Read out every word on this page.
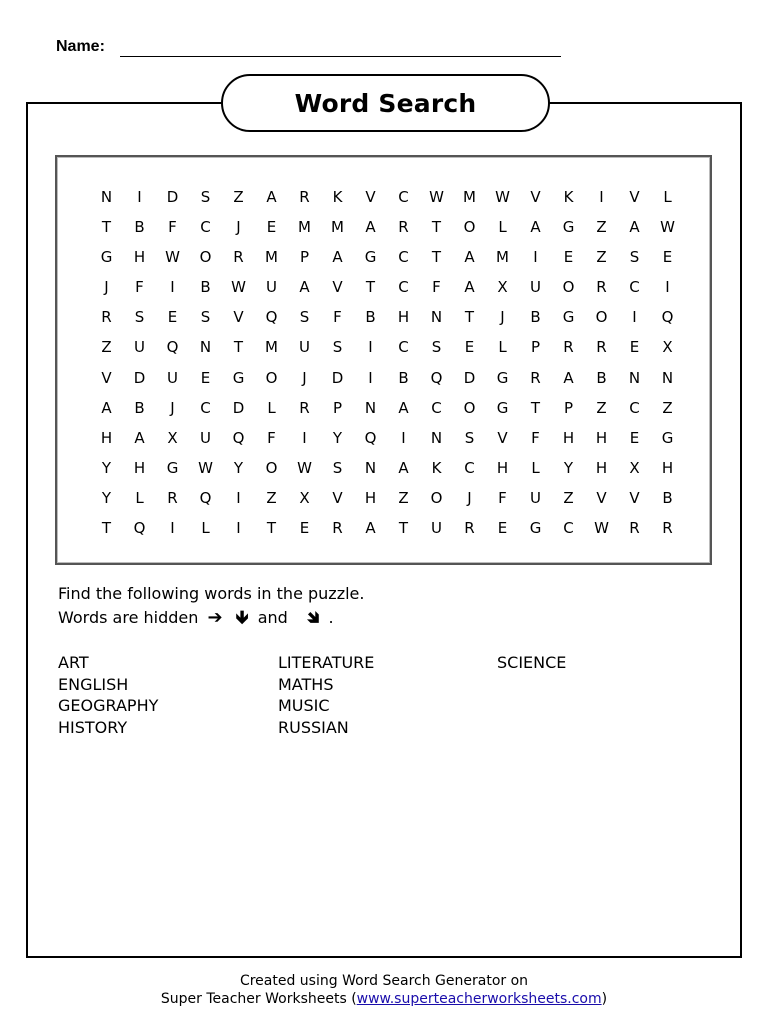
Name:
Word Search
N	I	D	S	Z	A	R	K	V	C	W	M	W	V	K	I	V	L
T	B	F	C	J	E	M	M	A	R	T	O	L	A	G	Z	A	W
G	H	W	O	R	M	P	A	G	C	T	A	M	I	E	Z	S	E
J	F	I	B	W	U	A	V	T	C	F	A	X	U	O	R	C	I
R	S	E	S	V	Q	S	F	B	H	N	T	J	B	G	O	I	Q
Z	U	Q	N	T	M	U	S	I	C	S	E	L	P	R	R	E	X
V	D	U	E	G	O	J	D	I	B	Q	D	G	R	A	B	N	N
A	B	J	C	D	L	R	P	N	A	C	O	G	T	P	Z	C	Z
H	A	X	U	Q	F	I	Y	Q	I	N	S	V	F	H	H	E	G
Y	H	G	W	Y	O	W	S	N	A	K	C	H	L	Y	H	X	H
Y	L	R	Q	I	Z	X	V	H	Z	O	J	F	U	Z	V	V	B
T	Q	I	L	I	T	E	R	A	T	U	R	E	G	C	W	R	R
Find the following words in the puzzle.
Words are hidden ➔ 🡻 and 🡾 .
ART
ENGLISH
GEOGRAPHY
HISTORY
LITERATURE
MATHS
MUSIC
RUSSIAN
SCIENCE
Created using Word Search Generator on
Super Teacher Worksheets (www.superteacherworksheets.com)
